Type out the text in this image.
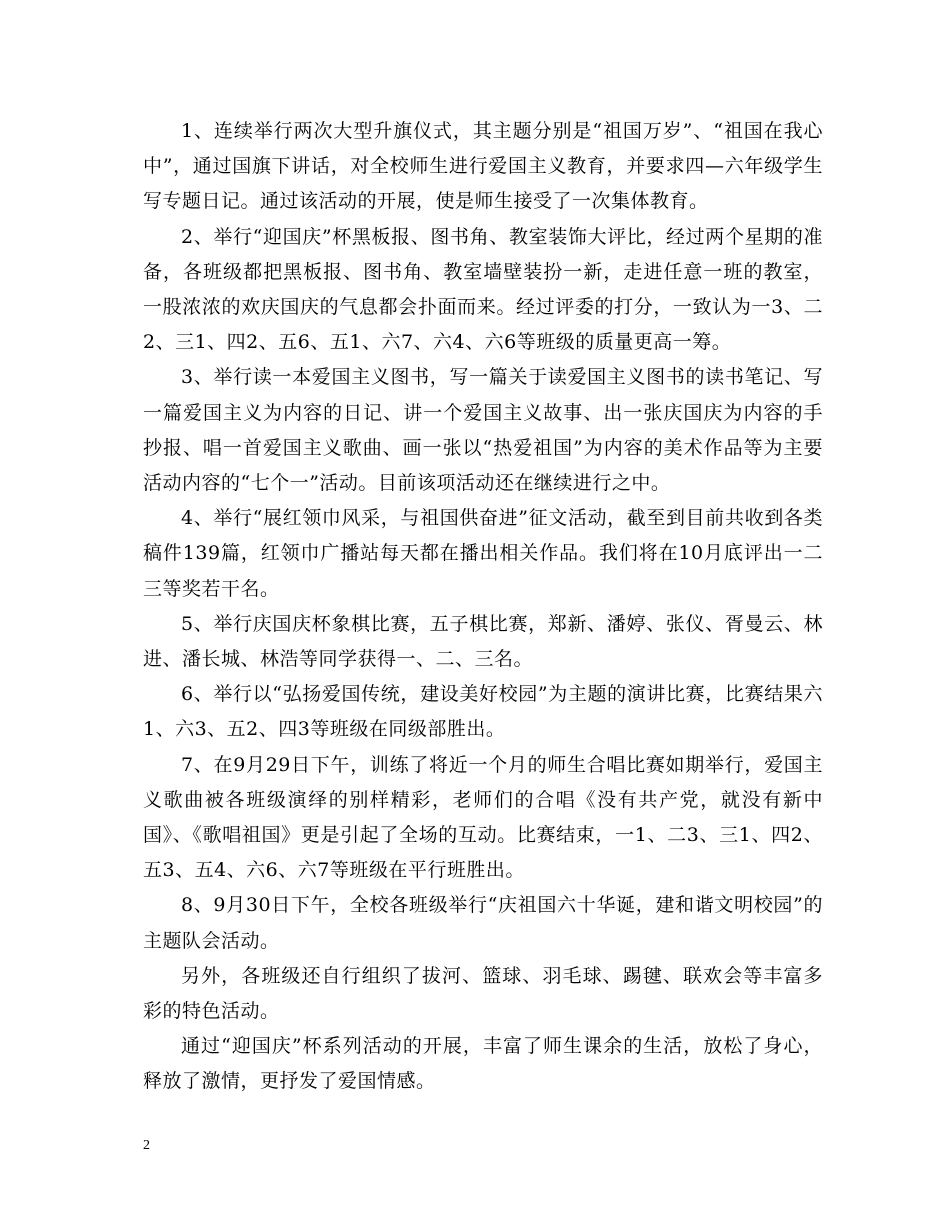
1、连续举行两次大型升旗仪式，其主题分别是“祖国万岁”、“祖国在我心中”，通过国旗下讲话，对全校师生进行爱国主义教育，并要求四—六年级学生写专题日记。通过该活动的开展，使是师生接受了一次集体教育。

2、举行“迎国庆”杯黑板报、图书角、教室装饰大评比，经过两个星期的准备，各班级都把黑板报、图书角、教室墙壁装扮一新，走进任意一班的教室，一股浓浓的欢庆国庆的气息都会扑面而来。经过评委的打分，一致认为一3、二2、三1、四2、五6、五1、六7、六4、六6等班级的质量更高一筹。

3、举行读一本爱国主义图书，写一篇关于读爱国主义图书的读书笔记、写一篇爱国主义为内容的日记、讲一个爱国主义故事、出一张庆国庆为内容的手抄报、唱一首爱国主义歌曲、画一张以“热爱祖国”为内容的美术作品等为主要活动内容的“七个一”活动。目前该项活动还在继续进行之中。

4、举行“展红领巾风采，与祖国供奋进”征文活动，截至到目前共收到各类稿件139篇，红领巾广播站每天都在播出相关作品。我们将在10月底评出一二三等奖若干名。

5、举行庆国庆杯象棋比赛，五子棋比赛，郑新、潘婷、张仪、胥曼云、林进、潘长城、林浩等同学获得一、二、三名。

6、举行以“弘扬爱国传统，建设美好校园”为主题的演讲比赛，比赛结果六1、六3、五2、四3等班级在同级部胜出。

7、在9月29日下午，训练了将近一个月的师生合唱比赛如期举行，爱国主义歌曲被各班级演绎的别样精彩，老师们的合唱《没有共产党，就没有新中国》、《歌唱祖国》更是引起了全场的互动。比赛结束，一1、二3、三1、四2、五3、五4、六6、六7等班级在平行班胜出。

8、9月30日下午，全校各班级举行“庆祖国六十华诞，建和谐文明校园”的主题队会活动。

另外，各班级还自行组织了拔河、篮球、羽毛球、踢毽、联欢会等丰富多彩的特色活动。

通过“迎国庆”杯系列活动的开展，丰富了师生课余的生活，放松了身心，释放了激情，更抒发了爱国情感。

2
